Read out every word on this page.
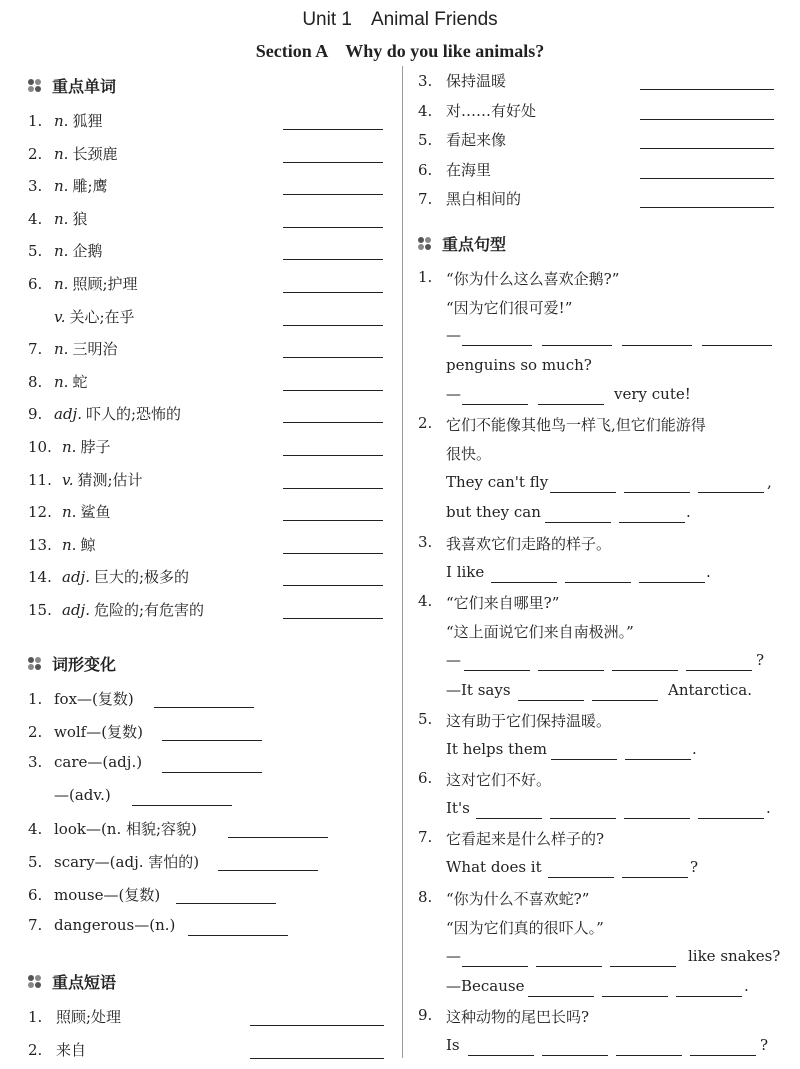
Unit 1　Animal Friends
Section A　Why do you like animals?
重点单词
1. n. 狐狸
2. n. 长颈鹿
3. n. 雕;鹰
4. n. 狼
5. n. 企鹅
6. n. 照顾;护理
v. 关心;在乎
7. n. 三明治
8. n. 蛇
9. adj. 吓人的;恐怖的
10. n. 脖子
11. v. 猜测;估计
12. n. 鲨鱼
13. n. 鲸
14. adj. 巨大的;极多的
15. adj. 危险的;有危害的
词形变化
1. fox—(复数)
2. wolf—(复数)
3. care—(adj.)
—(adv.)
4. look—(n. 相貌;容貌)
5. scary—(adj. 害怕的)
6. mouse—(复数)
7. dangerous—(n.)
重点短语
1. 照顾;处理
2. 来自
3. 保持温暖
4. 对……有好处
5. 看起来像
6. 在海里
7. 黑白相间的
重点句型
1. “你为什么这么喜欢企鹅?”
“因为它们很可爱!”
—
penguins so much?
—	very cute!
2. 它们不能像其他鸟一样飞,但它们能游得
很快。
They can't fly	,
but they can	.
3. 我喜欢它们走路的样子。
I like	.
4. “它们来自哪里?”
“这上面说它们来自南极洲。”
—	?
—It says	Antarctica.
5. 这有助于它们保持温暖。
It helps them	.
6. 这对它们不好。
It's	.
7. 它看起来是什么样子的?
What does it	?
8. “你为什么不喜欢蛇?”
“因为它们真的很吓人。”
—	like snakes?
—Because	.
9. 这种动物的尾巴长吗?
Is	?
